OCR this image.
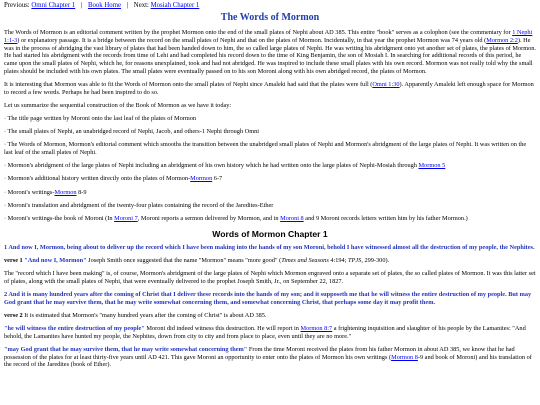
Previous: Omni Chapter 1 | Book Home | Next: Mosiah Chapter 1
The Words of Mormon

The Words of Mormon is an editorial comment written by the prophet Mormon onto the end of the small plates of Nephi about AD 385. This entire "book" serves as a colophon (see the commentary for 1 Nephi 1:1-3) or explanatory passage. It is a bridge between the record on the small plates of Nephi and that on the plates of Mormon. Incidentally, in that year the prophet Mormon was 74 years old (Mormon 2:2). He was in the process of abridging the vast library of plates that had been handed down to him, the so called large plates of Nephi. He was writing his abridgment onto yet another set of plates, the plates of Mormon. He had started his abridgment with the records from time of Lehi and had completed his record down to the time of King Benjamin, the son of Mosiah I. In searching for additional records of this period, he came upon the small plates of Nephi, which he, for reasons unexplained, took and had not abridged. He was inspired to include these small plates with his own record. Mormon was not really told why the small plates should be included with his own plates. The small plates were eventually passed on to his son Moroni along with his own abridged record, the plates of Mormon.

It is interesting that Mormon was able to fit the Words of Mormon onto the small plates of Nephi since Amaleki had said that the plates were full (Omni 1:30). Apparently Amaleki left enough space for Mormon to record a few words. Perhaps he had been inspired to do so.

Let us summarize the sequential construction of the Book of Mormon as we have it today:

· The title page written by Moroni onto the last leaf of the plates of Mormon
· The small plates of Nephi, an unabridged record of Nephi, Jacob, and others-1 Nephi through Omni
· The Words of Mormon, Mormon's editorial comment which smooths the transition between the unabridged small plates of Nephi and Mormon's abridgment of the large plates of Nephi. It was written on the last leaf of the small plates of Nephi.
· Mormon's abridgment of the large plates of Nephi including an abridgment of his own history which he had written onto the large plates of Nephi-Mosiah through Mormon 5
· Mormon's additional history written directly onto the plates of Mormon-Mormon 6-7
· Moroni's writings-Mormon 8-9
· Moroni's translation and abridgment of the twenty-four plates containing the record of the Jaredites-Ether
· Moroni's writings-the book of Moroni (In Moroni 7, Moroni reports a sermon delivered by Mormon, and in Moroni 8 and 9 Moroni records letters written him by his father Mormon.)
Words of Mormon Chapter 1

1 And now I, Mormon, being about to deliver up the record which I have been making into the hands of my son Moroni, behold I have witnessed almost all the destruction of my people, the Nephites.

verse 1 "And now I, Mormon" Joseph Smith once suggested that the name "Mormon" means "more good" (Times and Seasons 4:194; TPJS, 299-300).

The "record which I have been making" is, of course, Mormon's abridgment of the large plates of Nephi which Mormon engraved onto a separate set of plates, the so called plates of Mormon. It was this latter set of plates, along with the small plates of Nephi, that were eventually delivered to the prophet Joseph Smith, Jr., on September 22, 1827.

2 And it is many hundred years after the coming of Christ that I deliver these records into the hands of my son; and it supposeth me that he will witness the entire destruction of my people. But may God grant that he may survive them, that he may write somewhat concerning them, and somewhat concerning Christ, that perhaps some day it may profit them.

verse 2 It is estimated that Mormon's "many hundred years after the coming of Christ" is about AD 385.

"he will witness the entire destruction of my people" Moroni did indeed witness this destruction. He will report in Mormon 8:7 a frightening inquisition and slaughter of his people by the Lamanites: "And behold, the Lamanites have hunted my people, the Nephites, down from city to city and from place to place, even until they are no more."

"may God grant that he may survive them, that he may write somewhat concerning them" From the time Moroni received the plates from his father Mormon in about AD 385, we know that he had possession of the plates for at least thirty-five years until AD 421. This gave Moroni an opportunity to enter onto the plates of Mormon his own writings (Mormon 8-9 and book of Moroni) and his translation of the record of the Jaredites (book of Ether).
